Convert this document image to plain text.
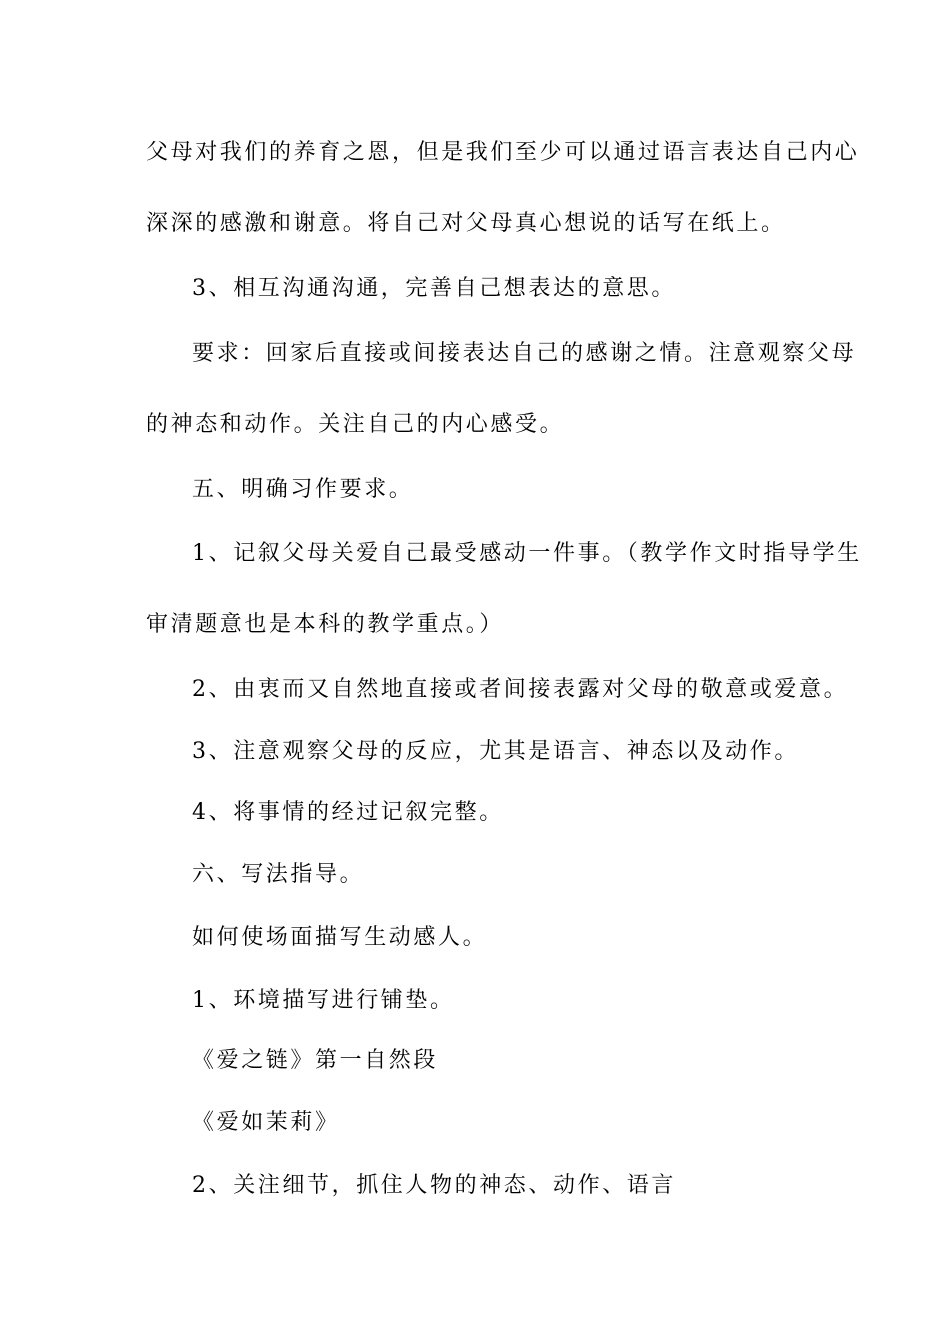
父母对我们的养育之恩，但是我们至少可以通过语言表达自己内心
深深的感激和谢意。将自己对父母真心想说的话写在纸上。
3、相互沟通沟通，完善自己想表达的意思。
要求：回家后直接或间接表达自己的感谢之情。注意观察父母
的神态和动作。关注自己的内心感受。
五、明确习作要求。
1、记叙父母关爱自己最受感动一件事。（教学作文时指导学生
审清题意也是本科的教学重点。）
2、由衷而又自然地直接或者间接表露对父母的敬意或爱意。
3、注意观察父母的反应，尤其是语言、神态以及动作。
4、将事情的经过记叙完整。
六、写法指导。
如何使场面描写生动感人。
1、环境描写进行铺垫。
《爱之链》第一自然段
《爱如茉莉》
2、关注细节，抓住人物的神态、动作、语言
